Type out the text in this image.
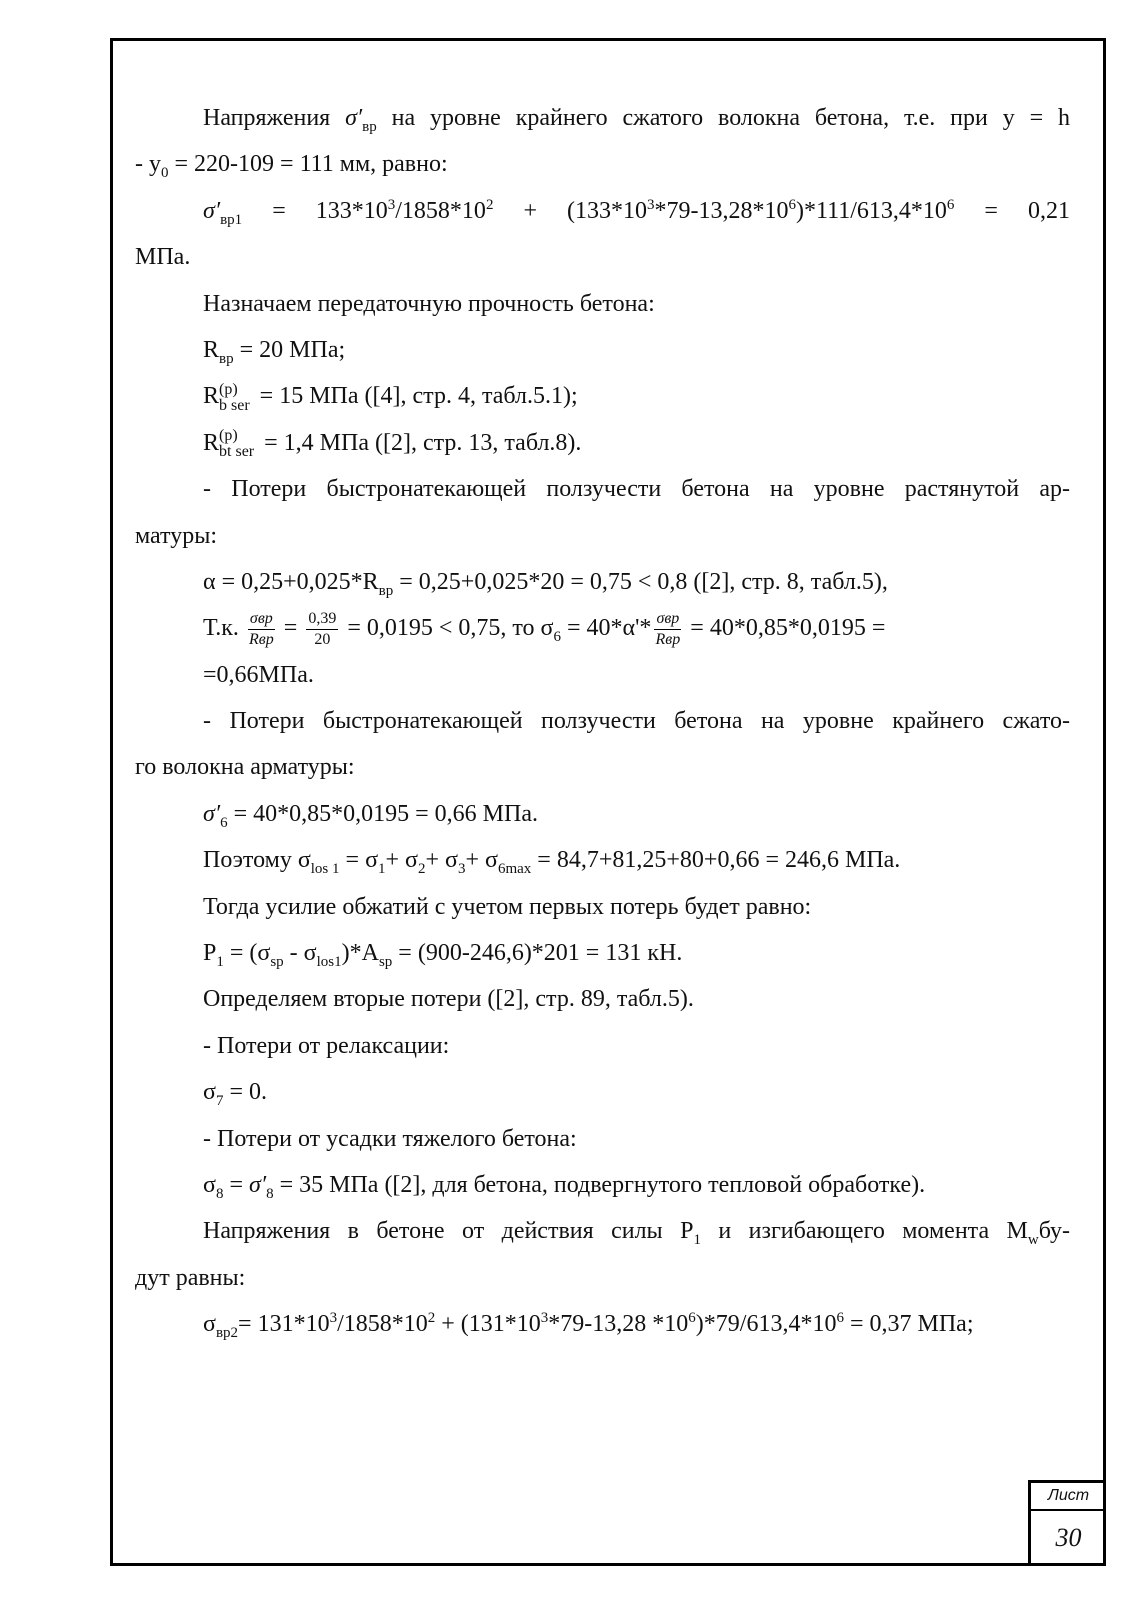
Напряжения $\sigma'_{вр}$ на уровне крайнего сжатого волокна бетона, т.е. при y = h
- $y_0 = 220-109 = 111$ мм, равно:
$\sigma'_{вр1} = 133*10^3/1858*10^2 + (133*10^3*79-13,28*10^6)*111/613,4*10^6 = 0,21$
МПа.
Назначаем передаточную прочность бетона:
$R_{вр} = 20$ МПа;
R (p)
b ser = 15 МПа ([4], стр. 4, табл.5.1);
R (p)
bt ser = 1,4 МПа ([2], стр. 13, табл.8).
- Потери быстронатекающей ползучести бетона на уровне растянутой ар-
матуры:
$\alpha = 0,25+0,025*R_{вр} = 0,25+0,025*20 = 0,75 < 0,8$ ([2], стр. 8, табл.5),
Т.к. $\frac{\text{σвр}}{\text{Rвр}} = \frac{0,39}{20} = 0,0195 < 0,75$, то $\sigma_6 = 40*\alpha'* \frac{\text{σвр}}{\text{Rвр}} = 40*0,85*0,0195$ =
=0,66МПа.
- Потери быстронатекающей ползучести бетона на уровне крайнего сжато-
го волокна арматуры:
$\sigma'_6 = 40*0,85*0,0195 = 0,66$ МПа.
Поэтому $\sigma_{los 1} = \sigma_1+ \sigma_2+ \sigma_3+ \sigma_{6max} = 84,7+81,25+80+0,66 = 246,6$ МПа.
Тогда усилие обжатий с учетом первых потерь будет равно:
$P_1 = (\sigma_{sp} - \sigma_{los1})*A_{sp} = (900-246,6)*201 = 131$ кН.
Определяем вторые потери ([2], стр. 89, табл.5).
- Потери от релаксации:
$\sigma_7 = 0$.
- Потери от усадки тяжелого бетона:
$\sigma_8 = \sigma'_8 = 35$ МПа ([2], для бетона, подвергнутого тепловой обработке).
Напряжения в бетоне от действия силы $P_1$ и изгибающего момента $M_wбу-$
дут равны:
$\sigma_{вр2}= 131*10^3/1858*10^2 + (131*10^3*79-13,28$ $*10^6)*79/613,4*10^6 = 0,37$ МПа;
Лист
30
